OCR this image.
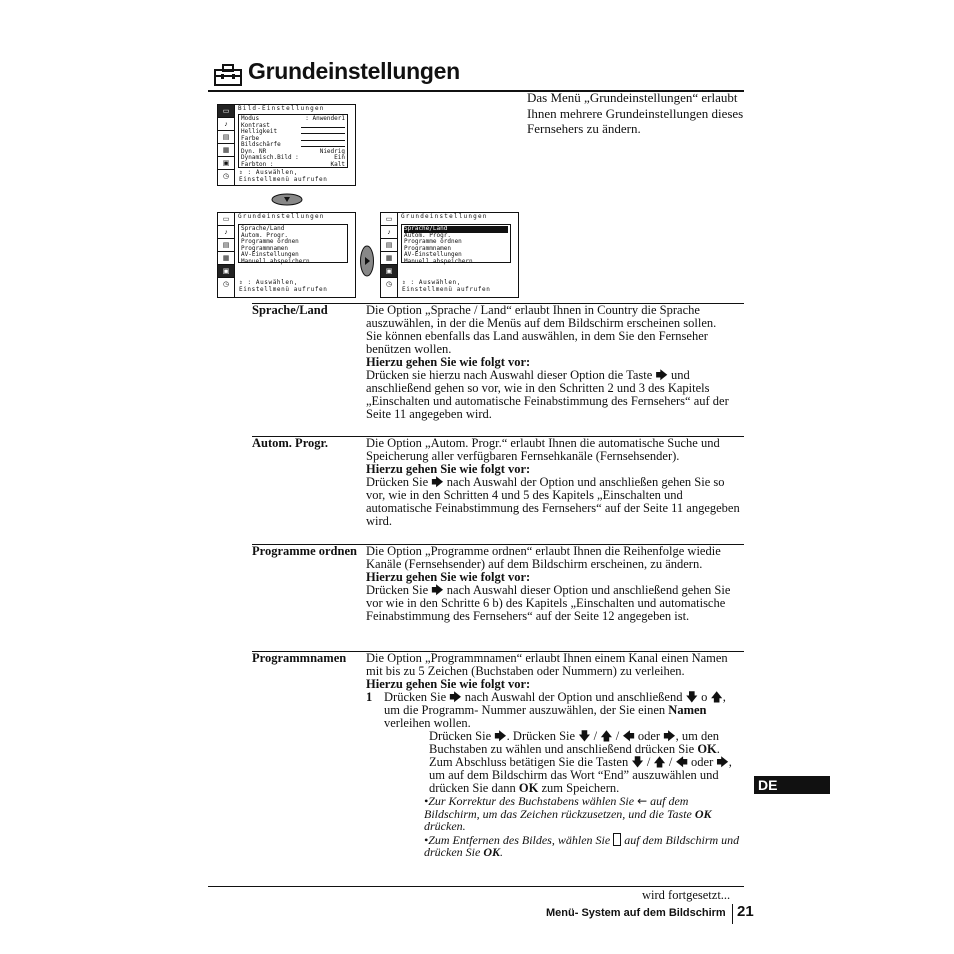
Grundeinstellungen
Das Menü „Grundeinstellungen“ erlaubt Ihnen mehrere Grundeinstellungen dieses Fernsehers zu ändern.
▭
♪
▤
▦
▣
◷
Bild-Einstellungen
Modus	: Anwender1
Kontrast
Helligkeit
Farbe
Bildschärfe
Dyn. NR	Niedrig
Dynamisch.Bild :	Ein
Farbton :	Kalt
⇕ : Auswählen,
Einstellmenü aufrufen
▭
♪
▤
▦
▣
◷
Grundeinstellungen
Sprache/Land
Autom. Progr.
Programme ordnen
Programmnamen
AV-Einstellungen
Manuell abspeichern
⇕ : Auswählen,
Einstellmenü aufrufen
▭
♪
▤
▦
▣
◷
Grundeinstellungen
Sprache/Land
Autom. Progr.
Programme ordnen
Programmnamen
AV-Einstellungen
Manuell abspeichern
⇕ : Auswählen,
Einstellmenü aufrufen
Sprache/Land	Die Option „Sprache / Land“ erlaubt Ihnen in Country die Sprache auszuwählen, in der die Menüs auf dem Bildschirm erscheinen sollen.

Sie können ebenfalls das Land auswählen, in dem Sie den Fernseher benützen wollen.

Hierzu gehen Sie wie folgt vor:

Drücken sie hierzu nach Auswahl dieser Option die Taste 🡆 und anschließend gehen so vor, wie in den Schritten 2 und 3 des Kapitels „Einschalten und automatische Feinabstimmung des Fernsehers“ auf der Seite 11 angegeben wird.

Autom. Progr.	Die Option „Autom. Progr.“ erlaubt Ihnen die automatische Suche und Speicherung aller verfügbaren Fernsehkanäle (Fernsehsender).

Hierzu gehen Sie wie folgt vor:

Drücken Sie 🡆 nach Auswahl der Option und anschließen gehen Sie so vor, wie in den Schritten 4 und 5 des Kapitels „Einschalten und automatische Feinabstimmung des Fernsehers“ auf der Seite 11 angegeben wird.

Programme ordnen Die Option „Programme ordnen“ erlaubt Ihnen die Reihenfolge wiedie Kanäle (Fernsehsender) auf dem Bildschirm erscheinen, zu ändern.

Hierzu gehen Sie wie folgt vor:

Drücken Sie 🡆 nach Auswahl dieser Option und anschließend gehen Sie vor wie in den Schritte 6 b) des Kapitels „Einschalten und automatische Feinabstimmung des Fernsehers“ auf der Seite 12 angegeben ist.

Programmnamen	Die Option „Programmnamen“ erlaubt Ihnen einem Kanal einen Namen mit bis zu 5 Zeichen (Buchstaben oder Nummern) zu verleihen.

Hierzu gehen Sie wie folgt vor:

1 Drücken Sie 🡆 nach Auswahl der Option und anschließend 🡇 o 🡅, um die Programm- Nummer auszuwählen, der Sie einen Namen verleihen wollen.

Drücken Sie 🡆. Drücken Sie 🡇 / 🡅 / 🡄 oder 🡆, um den Buchstaben zu wählen und anschließend drücken Sie OK. Zum Abschluss betätigen Sie die Tasten 🡇 / 🡅 / 🡄 oder 🡆, um auf dem Bildschirm das Wort “End” auszuwählen und drücken Sie dann OK zum Speichern.

•Zur Korrektur des Buchstabens wählen Sie ← auf dem Bildschirm, um das Zeichen rückzusetzen, und die Taste OK drücken.

•Zum Entfernen des Bildes, wählen Sie auf dem Bildschirm und drücken Sie OK.

DE
wird fortgesetzt...
Menü- System auf dem Bildschirm 21
